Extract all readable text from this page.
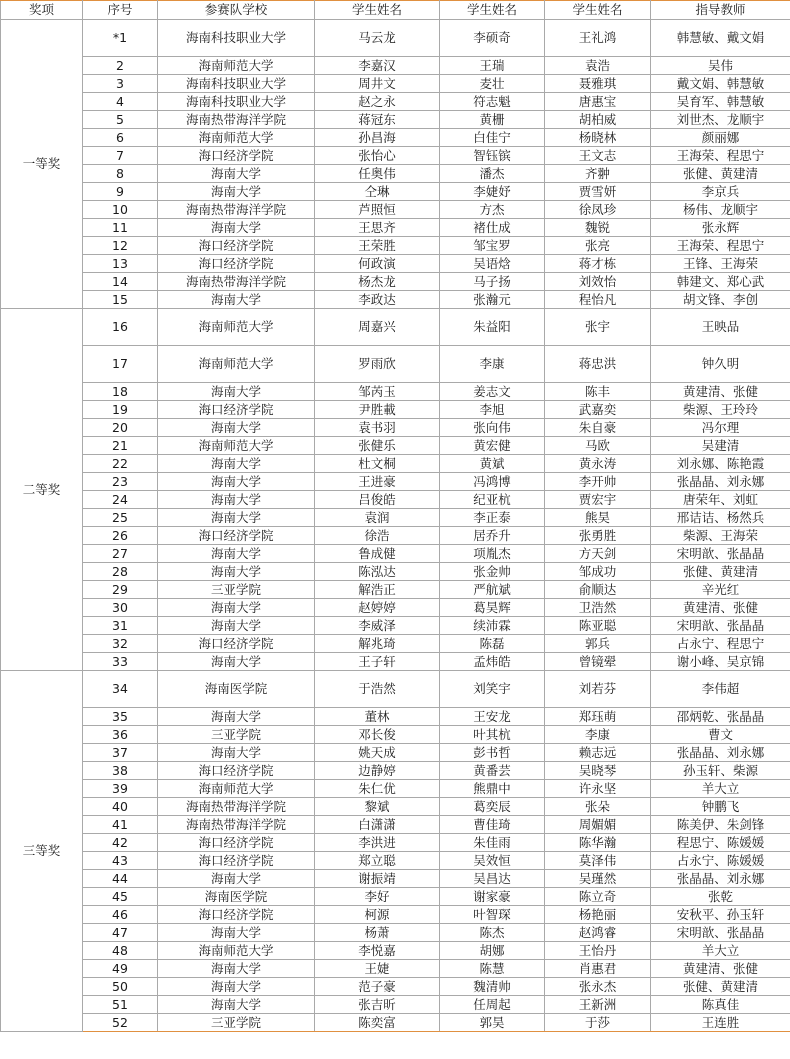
奖项	序号	参赛队学校	学生姓名	学生姓名	学生姓名	指导教师
一等奖	*1	海南科技职业大学	马云龙	李硕奇	王礼鸿	韩慧敏、戴文娟
	2	海南师范大学	李嘉汉	王瑞	袁浩	吴伟
	3	海南科技职业大学	周井文	麦壮	聂雅琪	戴文娟、韩慧敏
	4	海南科技职业大学	赵之永	符志魁	唐惠宝	吴育军、韩慧敏
	5	海南热带海洋学院	蒋冠东	黄栅	胡柏威	刘世杰、龙顺宇
	6	海南师范大学	孙昌海	白佳宁	杨晓林	颜丽娜
	7	海口经济学院	张怡心	智钰镔	王文志	王海荣、程思宁
	8	海南大学	任奥伟	潘杰	齐翀	张健、黄建清
	9	海南大学	仝琳	李婕妤	贾雪妍	李京兵
	10	海南热带海洋学院	芦照恒	方杰	徐凤珍	杨伟、龙顺宇
	11	海南大学	王思齐	褚仕成	魏锐	张永辉
	12	海口经济学院	王荣胜	邹宝罗	张亮	王海荣、程思宁
	13	海口经济学院	何政演	吴语焓	蒋才栋	王锋、王海荣
	14	海南热带海洋学院	杨杰龙	马子扬	刘效怡	韩建文、郑心武
	15	海南大学	李政达	张瀚元	程怡凡	胡文锋、李创
二等奖	16	海南师范大学	周嘉兴	朱益阳	张宇	王映品
	17	海南师范大学	罗雨欣	李康	蒋忠洪	钟久明
	18	海南大学	邹芮玉	姜志文	陈丰	黄建清、张健
	19	海口经济学院	尹胜載	李旭	武嘉奕	柴源、王玲玲
	20	海南大学	袁书羽	张向伟	朱自豪	冯尔理
	21	海南师范大学	张健乐	黄宏健	马欧	吴建清
	22	海南大学	杜文桐	黄斌	黄永涛	刘永娜、陈艳霞
	23	海南大学	王进豪	冯鸿博	李开帅	张晶晶、刘永娜
	24	海南大学	吕俊皓	纪亚杭	贾宏宇	唐荣年、刘虹
	25	海南大学	袁润	李正泰	熊昊	邢诘诘、杨然兵
	26	海口经济学院	徐浩	居乔升	张勇胜	柴源、王海荣
	27	海南大学	鲁成健	项胤杰	方天剑	宋明歆、张晶晶
	28	海南大学	陈泓达	张金帅	邹成功	张健、黄建清
	29	三亚学院	解浩正	严航斌	俞顺达	辛光红
	30	海南大学	赵婷婷	葛昊辉	卫浩然	黄建清、张健
	31	海南大学	李威泽	续沛霖	陈亚聪	宋明歆、张晶晶
	32	海口经济学院	解兆琦	陈磊	郭兵	占永宁、程思宁
	33	海南大学	王子轩	孟炜皓	曾镜翚	谢小峰、吴京锦
三等奖	34	海南医学院	于浩然	刘笑宇	刘若芬	李伟超
	35	海南大学	董林	王安龙	郑珏萌	邵炳乾、张晶晶
	36	三亚学院	邓长俊	叶其杭	李康	曹文
	37	海南大学	姚天成	彭书哲	赖志远	张晶晶、刘永娜
	38	海口经济学院	边静婷	黄番芸	吴晓琴	孙玉轩、柴源
	39	海南师范大学	朱仁优	熊鼎中	许永坚	羊大立
	40	海南热带海洋学院	黎斌	葛奕辰	张朵	钟鹏飞
	41	海南热带海洋学院	白潇潇	曹佳琦	周媚媚	陈美伊、朱剑锋
	42	海口经济学院	李洪进	朱佳雨	陈华瀚	程思宁、陈媛媛
	43	海口经济学院	郑立聪	吴效恒	莫泽伟	占永宁、陈媛媛
	44	海南大学	谢振靖	吴昌达	吴瑾然	张晶晶、刘永娜
	45	海南医学院	李好	谢家豪	陈立奇	张乾
	46	海口经济学院	柯源	叶智琛	杨艳丽	安秋平、孙玉轩
	47	海南大学	杨萧	陈杰	赵鸿睿	宋明歆、张晶晶
	48	海南师范大学	李悦嘉	胡娜	王怡丹	羊大立
	49	海南大学	王婕	陈慧	肖惠君	黄建清、张健
	50	海南大学	范子豪	魏清帅	张永杰	张健、黄建清
	51	海南大学	张吉昕	任周起	王新洲	陈真佳
	52	三亚学院	陈奕富	郭昊	于莎	王连胜
